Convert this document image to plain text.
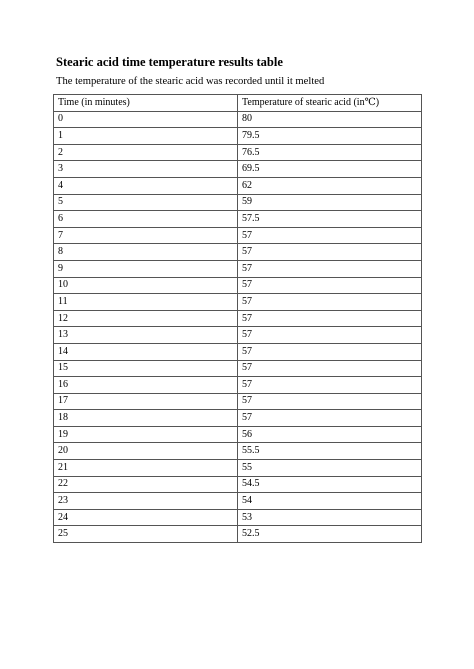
Stearic acid time temperature results table
The temperature of the stearic acid was recorded until it melted
Time (in minutes)	Temperature of stearic acid (in℃)
0	80
1	79.5
2	76.5
3	69.5
4	62
5	59
6	57.5
7	57
8	57
9	57
10	57
11	57
12	57
13	57
14	57
15	57
16	57
17	57
18	57
19	56
20	55.5
21	55
22	54.5
23	54
24	53
25	52.5
